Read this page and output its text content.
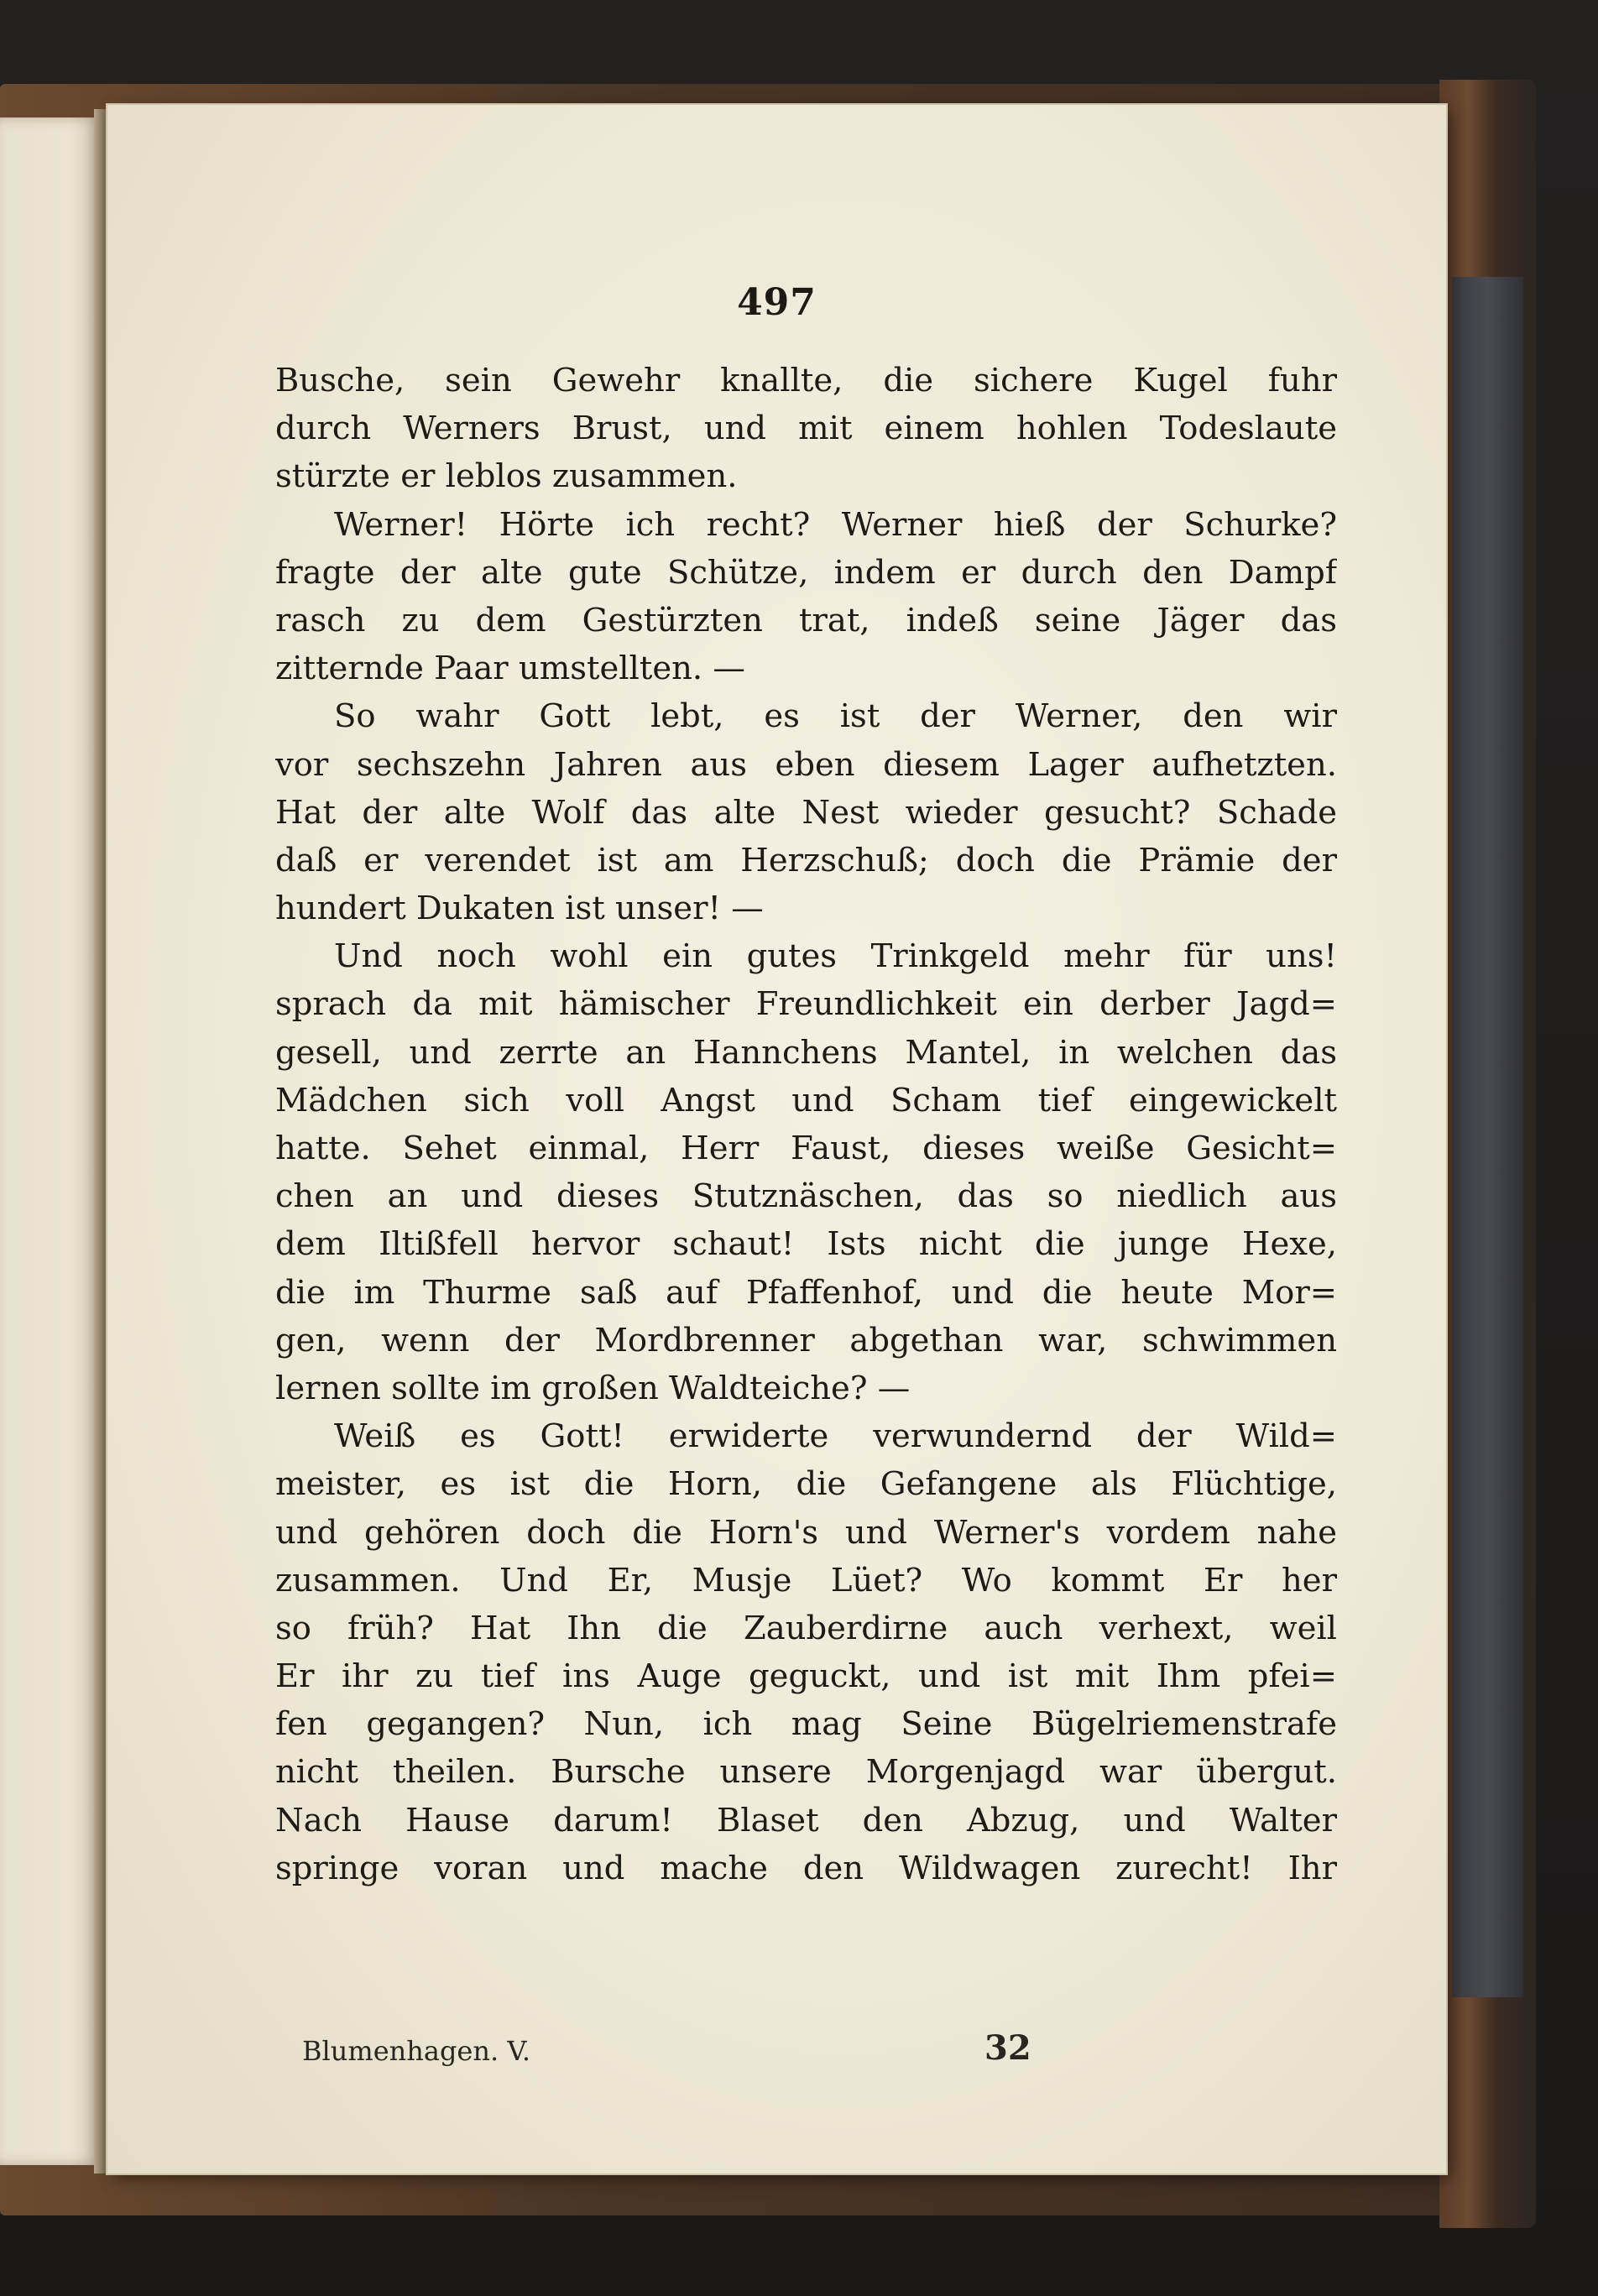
497
Busche, sein Gewehr knallte, die sichere Kugel fuhr
durch Werners Brust, und mit einem hohlen Todeslaute
stürzte er leblos zusammen.
Werner! Hörte ich recht? Werner hieß der Schurke?
fragte der alte gute Schütze, indem er durch den Dampf
rasch zu dem Gestürzten trat, indeß seine Jäger das
zitternde Paar umstellten. —
So wahr Gott lebt, es ist der Werner, den wir
vor sechszehn Jahren aus eben diesem Lager aufhetzten.
Hat der alte Wolf das alte Nest wieder gesucht? Schade
daß er verendet ist am Herzschuß; doch die Prämie der
hundert Dukaten ist unser! —
Und noch wohl ein gutes Trinkgeld mehr für uns!
sprach da mit hämischer Freundlichkeit ein derber Jagd=
gesell, und zerrte an Hannchens Mantel, in welchen das
Mädchen sich voll Angst und Scham tief eingewickelt
hatte. Sehet einmal, Herr Faust, dieses weiße Gesicht=
chen an und dieses Stutznäschen, das so niedlich aus
dem Iltißfell hervor schaut! Ists nicht die junge Hexe,
die im Thurme saß auf Pfaffenhof, und die heute Mor=
gen, wenn der Mordbrenner abgethan war, schwimmen
lernen sollte im großen Waldteiche? —
Weiß es Gott! erwiderte verwundernd der Wild=
meister, es ist die Horn, die Gefangene als Flüchtige,
und gehören doch die Horn's und Werner's vordem nahe
zusammen. Und Er, Musje Lüet? Wo kommt Er her
so früh? Hat Ihn die Zauberdirne auch verhext, weil
Er ihr zu tief ins Auge geguckt, und ist mit Ihm pfei=
fen gegangen? Nun, ich mag Seine Bügelriemenstrafe
nicht theilen. Bursche unsere Morgenjagd war übergut.
Nach Hause darum! Blaset den Abzug, und Walter
springe voran und mache den Wildwagen zurecht! Ihr
Blumenhagen. V.	32
